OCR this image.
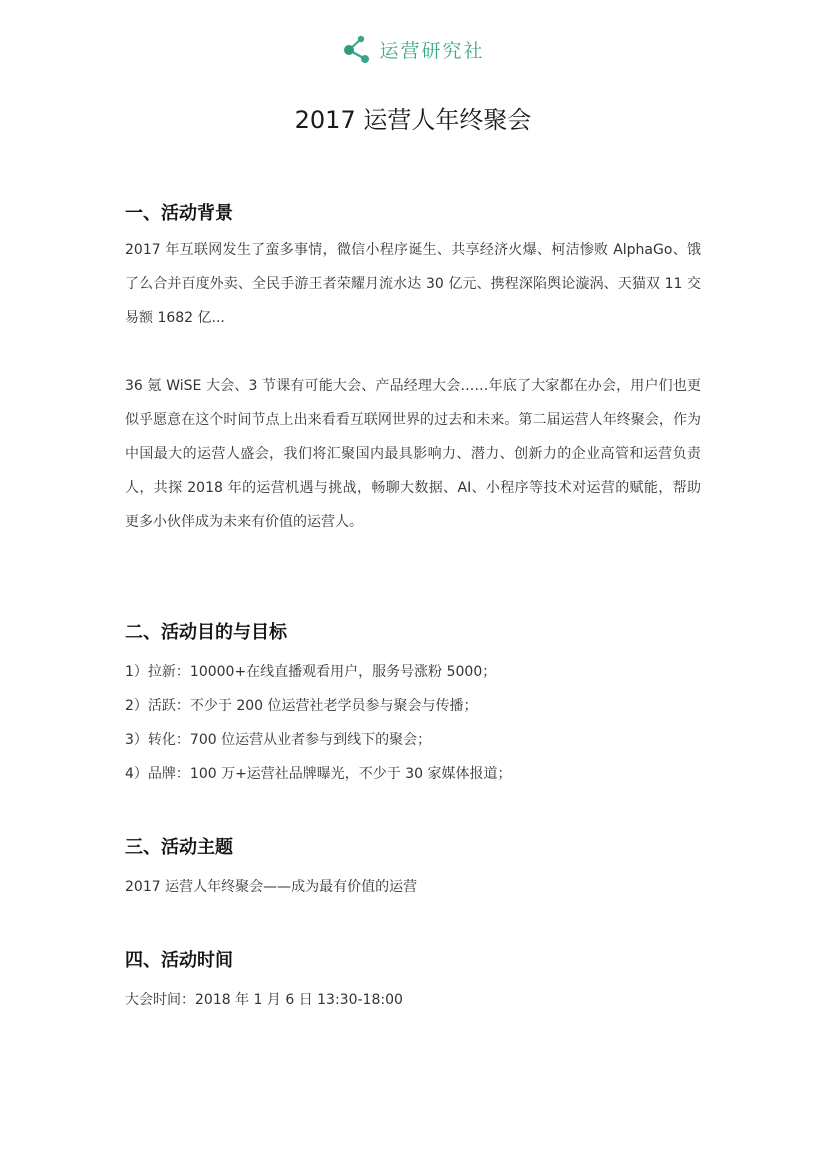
运营研究社
2017 运营人年终聚会
一、活动背景
2017 年互联网发生了蛮多事情，微信小程序诞生、共享经济火爆、柯洁惨败 AlphaGo、饿了么合并百度外卖、全民手游王者荣耀月流水达 30 亿元、携程深陷舆论漩涡、天猫双 11 交易额 1682 亿...
36 氪 WiSE 大会、3 节课有可能大会、产品经理大会……年底了大家都在办会，用户们也更似乎愿意在这个时间节点上出来看看互联网世界的过去和未来。第二届运营人年终聚会，作为中国最大的运营人盛会，我们将汇聚国内最具影响力、潜力、创新力的企业高管和运营负责人，共探 2018 年的运营机遇与挑战，畅聊大数据、AI、小程序等技术对运营的赋能，帮助更多小伙伴成为未来有价值的运营人。
二、活动目的与目标
1）拉新：10000+在线直播观看用户，服务号涨粉 5000；
2）活跃：不少于 200 位运营社老学员参与聚会与传播；
3）转化：700 位运营从业者参与到线下的聚会；
4）品牌：100 万+运营社品牌曝光，不少于 30 家媒体报道；
三、活动主题
2017 运营人年终聚会——成为最有价值的运营
四、活动时间
大会时间：2018 年 1 月 6 日 13:30-18:00
